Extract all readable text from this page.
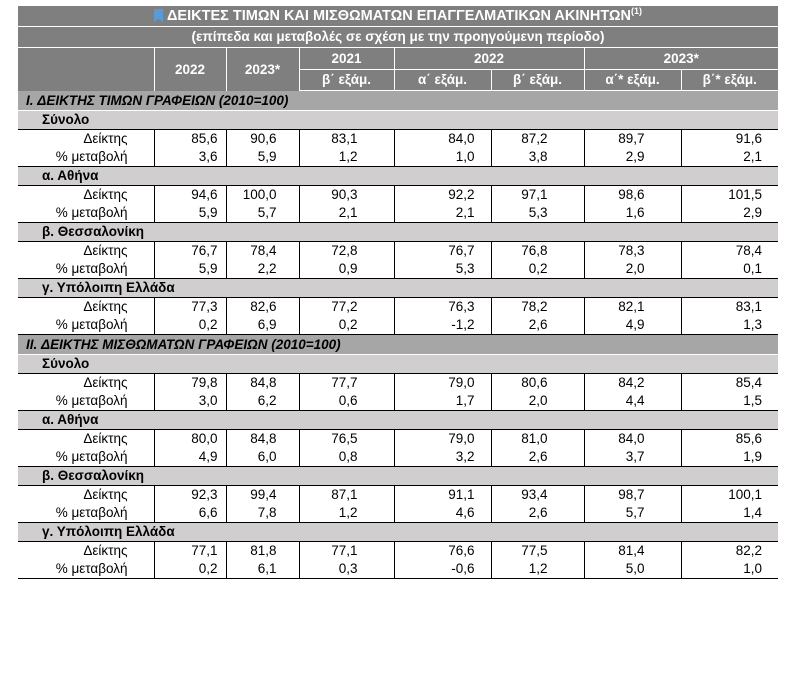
ΔΕΙΚΤΕΣ ΤΙΜΩΝ ΚΑΙ ΜΙΣΘΩΜΑΤΩΝ ΕΠΑΓΓΕΛΜΑΤΙΚΩΝ ΑΚΙΝΗΤΩΝ$^{(1)}$
(επίπεδα και μεταβολές σε σχέση με την προηγούμενη περίοδο)							
	2022	2023*	2021	2022		2023*	
			β΄ εξάμ.	α΄ εξάμ.	β΄ εξάμ.	α΄* εξάμ.	β΄* εξάμ.
I. ΔΕΙΚΤΗΣ ΤΙΜΩΝ ΓΡΑΦΕΙΩΝ (2010=100)							
Σύνολο							
Δείκτης	85,6	90,6	83,1	84,0	87,2	89,7	91,6
% μεταβολή	3,6	5,9	1,2	1,0	3,8	2,9	2,1
α. Αθήνα							
Δείκτης	94,6	100,0	90,3	92,2	97,1	98,6	101,5
% μεταβολή	5,9	5,7	2,1	2,1	5,3	1,6	2,9
β. Θεσσαλονίκη							
Δείκτης	76,7	78,4	72,8	76,7	76,8	78,3	78,4
% μεταβολή	5,9	2,2	0,9	5,3	0,2	2,0	0,1
γ. Υπόλοιπη Ελλάδα							
Δείκτης	77,3	82,6	77,2	76,3	78,2	82,1	83,1
% μεταβολή	0,2	6,9	0,2	-1,2	2,6	4,9	1,3
II. ΔΕΙΚΤΗΣ ΜΙΣΘΩΜΑΤΩΝ ΓΡΑΦΕΙΩΝ (2010=100)							
Σύνολο							
Δείκτης	79,8	84,8	77,7	79,0	80,6	84,2	85,4
% μεταβολή	3,0	6,2	0,6	1,7	2,0	4,4	1,5
α. Αθήνα							
Δείκτης	80,0	84,8	76,5	79,0	81,0	84,0	85,6
% μεταβολή	4,9	6,0	0,8	3,2	2,6	3,7	1,9
β. Θεσσαλονίκη							
Δείκτης	92,3	99,4	87,1	91,1	93,4	98,7	100,1
% μεταβολή	6,6	7,8	1,2	4,6	2,6	5,7	1,4
γ. Υπόλοιπη Ελλάδα							
Δείκτης	77,1	81,8	77,1	76,6	77,5	81,4	82,2
% μεταβολή	0,2	6,1	0,3	-0,6	1,2	5,0	1,0
